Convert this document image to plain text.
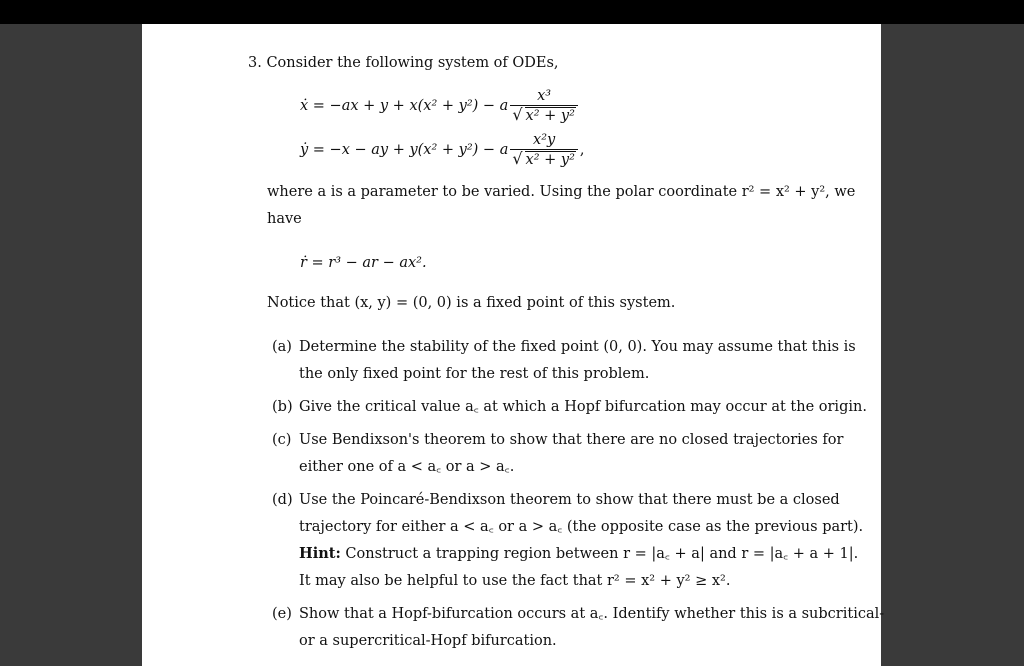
3. Consider the following system of ODEs,
ẋ = −ax + y + x(x² + y²) − a $\frac{\text{x³}}{\text{√ x² + y²}}$
ẏ = −x − ay + y(x² + y²) − a $\frac{\text{x²y}}{\text{√ x² + y²}}$ ,
where a is a parameter to be varied. Using the polar coordinate r² = x² + y², we
have
ṙ = r³ − ar − ax².
Notice that (x, y) = (0, 0) is a fixed point of this system.
(a) Determine the stability of the fixed point (0, 0). You may assume that this is
the only fixed point for the rest of this problem.
(b) Give the critical value a꜀ at which a Hopf bifurcation may occur at the origin.
(c) Use Bendixson's theorem to show that there are no closed trajectories for
either one of a < a꜀ or a > a꜀.
(d) Use the Poincaré-Bendixson theorem to show that there must be a closed
trajectory for either a < a꜀ or a > a꜀ (the opposite case as the previous part).
Hint: Construct a trapping region between r = |a꜀ + a| and r = |a꜀ + a + 1|.
It may also be helpful to use the fact that r² = x² + y² ≥ x².
(e) Show that a Hopf-bifurcation occurs at a꜀. Identify whether this is a subcritical-
or a supercritical-Hopf bifurcation.
